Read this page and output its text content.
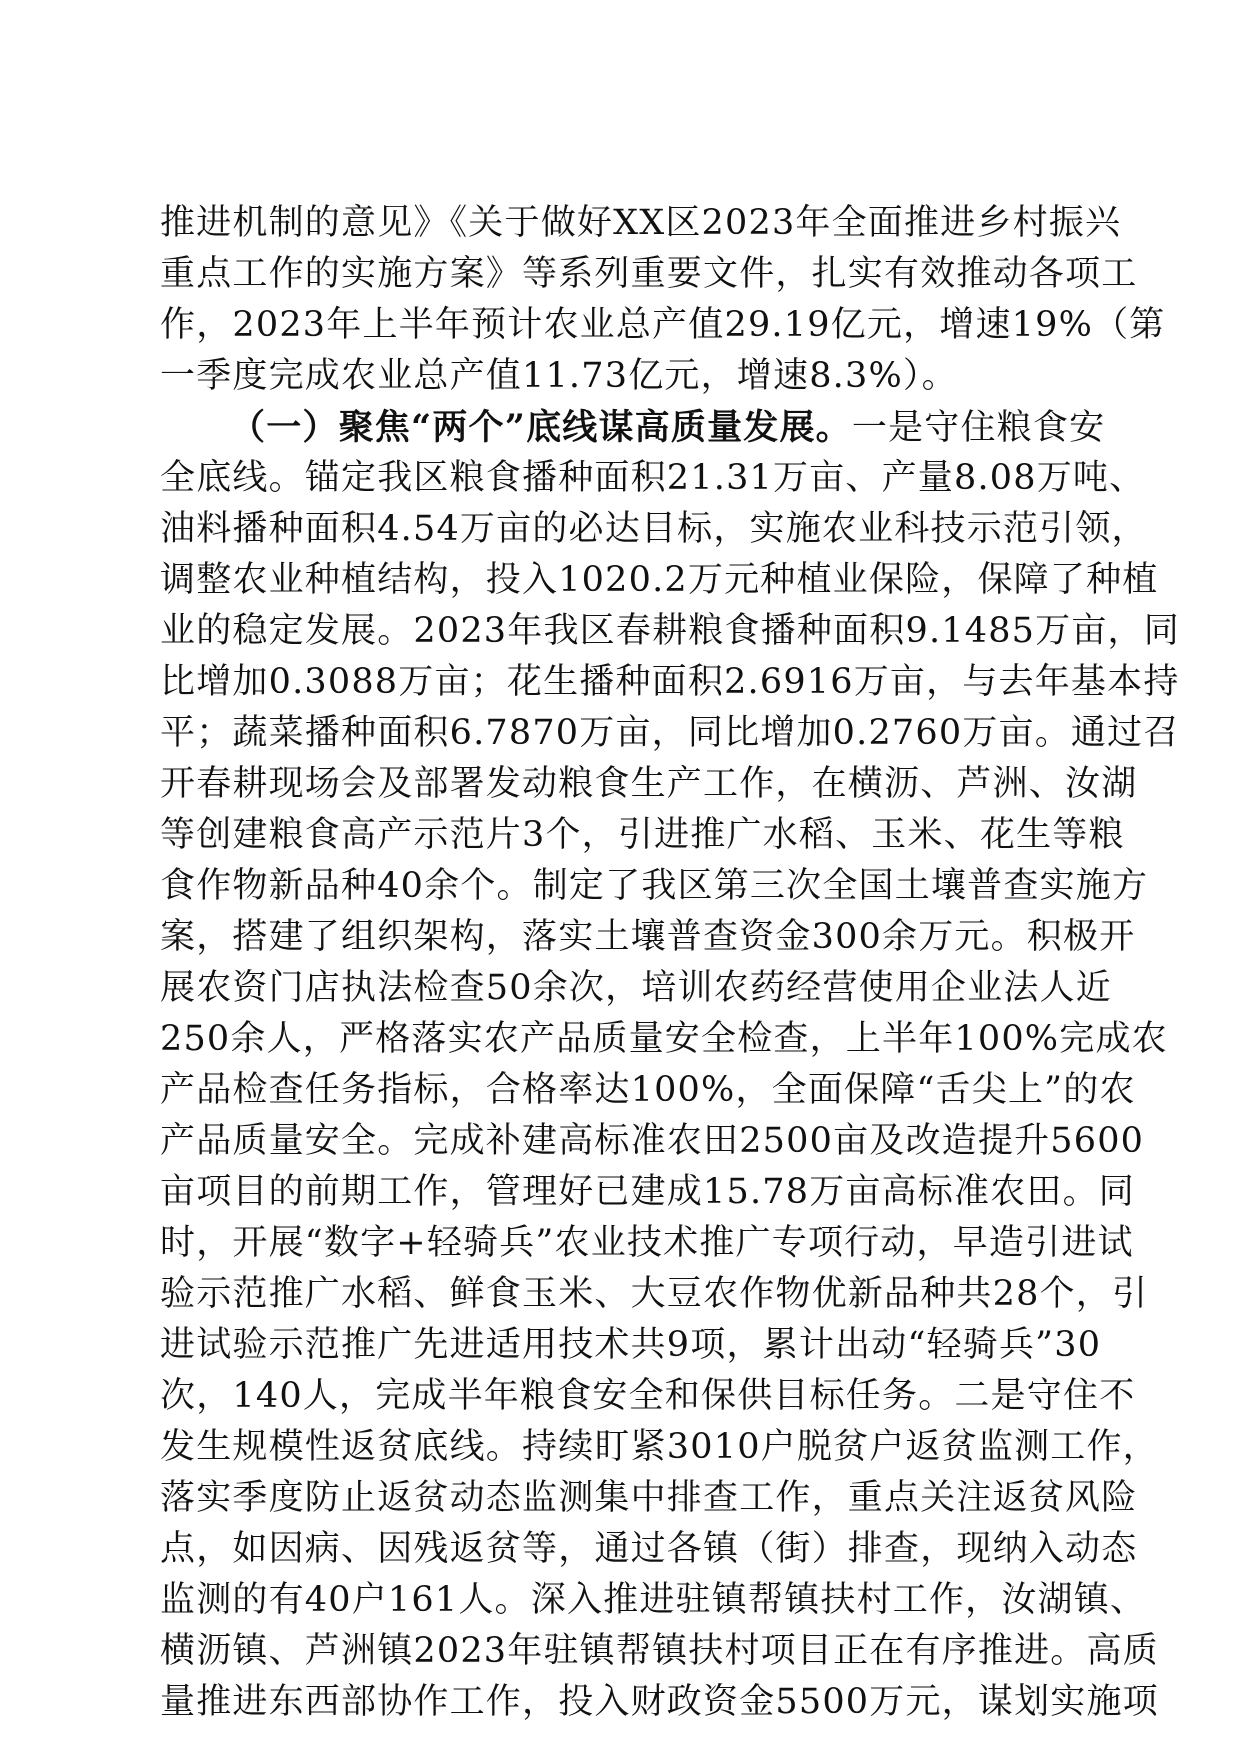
推进机制的意见》《关于做好XX区2023年全面推进乡村振兴
重点工作的实施方案》等系列重要文件，扎实有效推动各项工
作，2023年上半年预计农业总产值29.19亿元，增速19%（第
一季度完成农业总产值11.73亿元，增速8.3%）。
（一）聚焦“两个”底线谋高质量发展。一是守住粮食安
全底线。锚定我区粮食播种面积21.31万亩、产量8.08万吨、
油料播种面积4.54万亩的必达目标，实施农业科技示范引领，
调整农业种植结构，投入1020.2万元种植业保险，保障了种植
业的稳定发展。2023年我区春耕粮食播种面积9.1485万亩，同
比增加0.3088万亩；花生播种面积2.6916万亩，与去年基本持
平；蔬菜播种面积6.7870万亩，同比增加0.2760万亩。通过召
开春耕现场会及部署发动粮食生产工作，在横沥、芦洲、汝湖
等创建粮食高产示范片3个，引进推广水稻、玉米、花生等粮
食作物新品种40余个。制定了我区第三次全国土壤普查实施方
案，搭建了组织架构，落实土壤普查资金300余万元。积极开
展农资门店执法检查50余次，培训农药经营使用企业法人近
250余人，严格落实农产品质量安全检查，上半年100%完成农
产品检查任务指标，合格率达100%，全面保障“舌尖上”的农
产品质量安全。完成补建高标准农田2500亩及改造提升5600
亩项目的前期工作，管理好已建成15.78万亩高标准农田。同
时，开展“数字+轻骑兵”农业技术推广专项行动，早造引进试
验示范推广水稻、鲜食玉米、大豆农作物优新品种共28个，引
进试验示范推广先进适用技术共9项，累计出动“轻骑兵”30
次，140人，完成半年粮食安全和保供目标任务。二是守住不
发生规模性返贫底线。持续盯紧3010户脱贫户返贫监测工作，
落实季度防止返贫动态监测集中排查工作，重点关注返贫风险
点，如因病、因残返贫等，通过各镇（街）排查，现纳入动态
监测的有40户161人。深入推进驻镇帮镇扶村工作，汝湖镇、
横沥镇、芦洲镇2023年驻镇帮镇扶村项目正在有序推进。高质
量推进东西部协作工作，投入财政资金5500万元，谋划实施项
